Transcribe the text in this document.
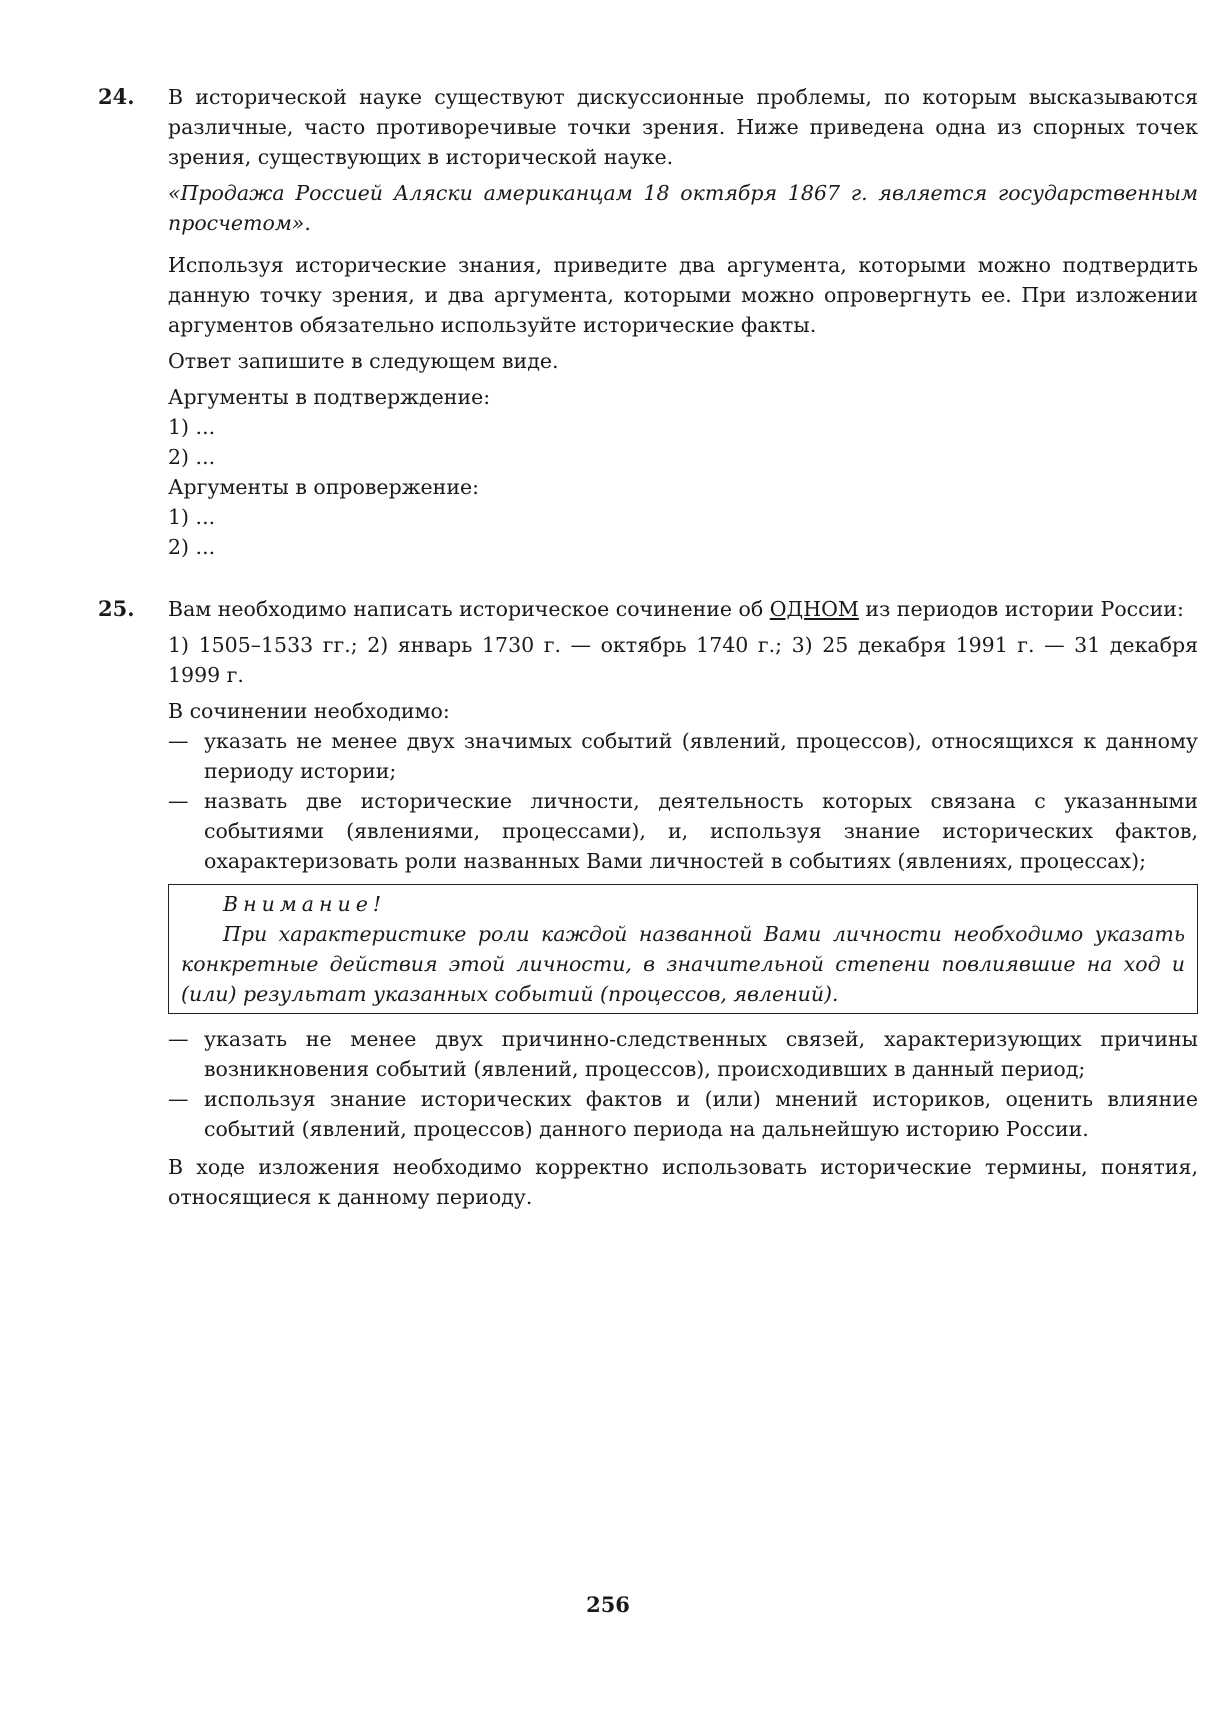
24.	В исторической науке существуют дискуссионные проблемы, по которым высказываются различные, часто противоречивые точки зрения. Ниже приведена одна из спорных точек зрения, существующих в исторической науке.

«Продажа Россией Аляски американцам 18 октября 1867 г. является государственным просчетом».

Используя исторические знания, приведите два аргумента, которыми можно подтвердить данную точку зрения, и два аргумента, которыми можно опровергнуть ее. При изложении аргументов обязательно используйте исторические факты.

Ответ запишите в следующем виде.

Аргументы в подтверждение:

1) ...

2) ...

Аргументы в опровержение:

1) ...

2) ...

25.	Вам необходимо написать историческое сочинение об ОДНОМ из периодов истории России:

1) 1505–1533 гг.; 2) январь 1730 г. — октябрь 1740 г.; 3) 25 декабря 1991 г. — 31 декабря 1999 г.

В сочинении необходимо:

— указать не менее двух значимых событий (явлений, процессов), относящихся к данному периоду истории;

— назвать две исторические личности, деятельность которых связана с указанными событиями (явлениями, процессами), и, используя знание исторических фактов, охарактеризовать роли названных Вами личностей в событиях (явлениях, процессах);

Внимание!
При характеристике роли каждой названной Вами личности необходимо указать конкретные действия этой личности, в значительной степени повлиявшие на ход и (или) результат указанных событий (процессов, явлений).

— указать не менее двух причинно-следственных связей, характеризующих причины возникновения событий (явлений, процессов), происходивших в данный период;

— используя знание исторических фактов и (или) мнений историков, оценить влияние событий (явлений, процессов) данного периода на дальнейшую историю России.

В ходе изложения необходимо корректно использовать исторические термины, понятия, относящиеся к данному периоду.

256
